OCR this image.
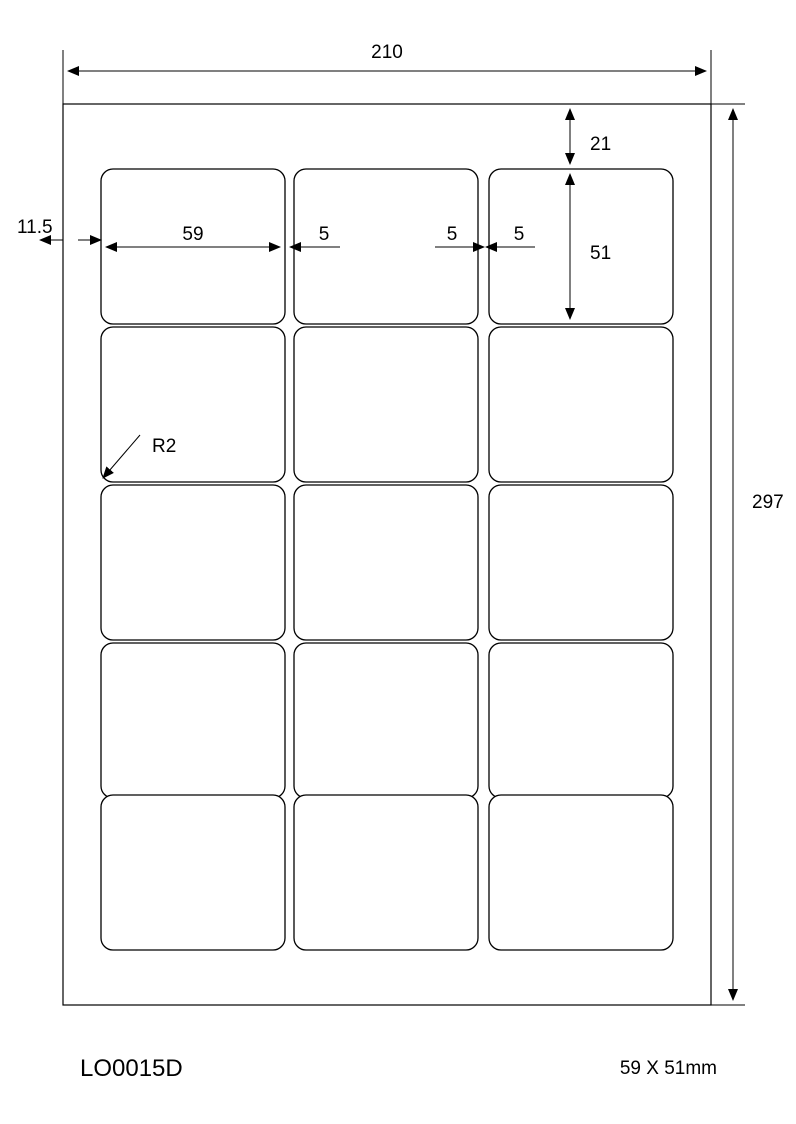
210
297
21
51
11.5	59	5	5	5
R2
LO0015D	59 X 51mm
